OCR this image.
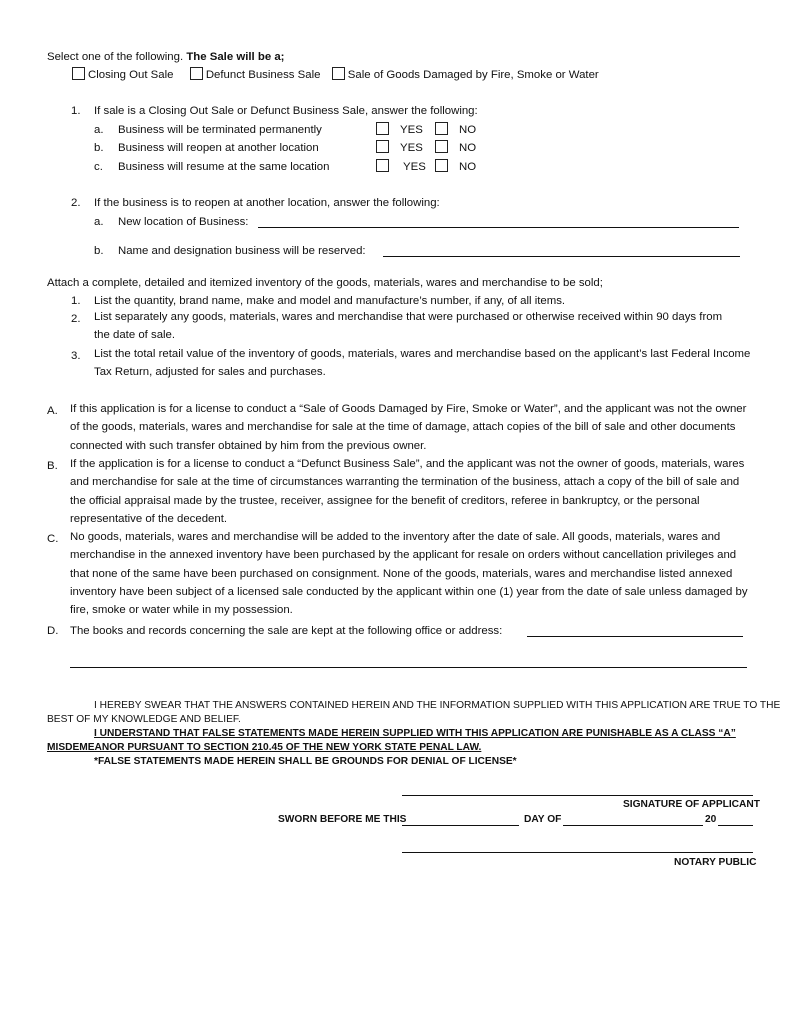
Select one of the following. The Sale will be a;
Closing Out Sale	Defunct Business Sale Sale of Goods Damaged by Fire, Smoke or Water
1. If sale is a Closing Out Sale or Defunct Business Sale, answer the following:
a. Business will be terminated permanently	YES	NO
b. Business will reopen at another location	YES	NO
c. Business will resume at the same location	YES	NO
2. If the business is to reopen at another location, answer the following:
a. New location of Business:
b. Name and designation business will be reserved:
Attach a complete, detailed and itemized inventory of the goods, materials, wares and merchandise to be sold;
1. List the quantity, brand name, make and model and manufacture’s number, if any, of all items.
2. List separately any goods, materials, wares and merchandise that were purchased or otherwise received within 90 days from the date of sale.
3. List the total retail value of the inventory of goods, materials, wares and merchandise based on the applicant’s last Federal Income Tax Return, adjusted for sales and purchases.
A. If this application is for a license to conduct a “Sale of Goods Damaged by Fire, Smoke or Water”, and the applicant was not the owner of the goods, materials, wares and merchandise for sale at the time of damage, attach copies of the bill of sale and other documents connected with such transfer obtained by him from the previous owner.
B. If the application is for a license to conduct a “Defunct Business Sale”, and the applicant was not the owner of goods, materials, wares and merchandise for sale at the time of circumstances warranting the termination of the business, attach a copy of the bill of sale and the official appraisal made by the trustee, receiver, assignee for the benefit of creditors, referee in bankruptcy, or the personal representative of the decedent.
C. No goods, materials, wares and merchandise will be added to the inventory after the date of sale. All goods, materials, wares and merchandise in the annexed inventory have been purchased by the applicant for resale on orders without cancellation privileges and that none of the same have been purchased on consignment. None of the goods, materials, wares and merchandise listed annexed inventory have been subject of a licensed sale conducted by the applicant within one (1) year from the date of sale unless damaged by fire, smoke or water while in my possession.
D. The books and records concerning the sale are kept at the following office or address:
I HEREBY SWEAR THAT THE ANSWERS CONTAINED HEREIN AND THE INFORMATION SUPPLIED WITH THIS APPLICATION ARE TRUE TO THE
BEST OF MY KNOWLEDGE AND BELIEF.
I UNDERSTAND THAT FALSE STATEMENTS MADE HEREIN SUPPLIED WITH THIS APPLICATION ARE PUNISHABLE AS A CLASS “A”
MISDEMEANOR PURSUANT TO SECTION 210.45 OF THE NEW YORK STATE PENAL LAW.
*FALSE STATEMENTS MADE HEREIN SHALL BE GROUNDS FOR DENIAL OF LICENSE*
SIGNATURE OF APPLICANT
SWORN BEFORE ME THIS	DAY OF	20
NOTARY PUBLIC
